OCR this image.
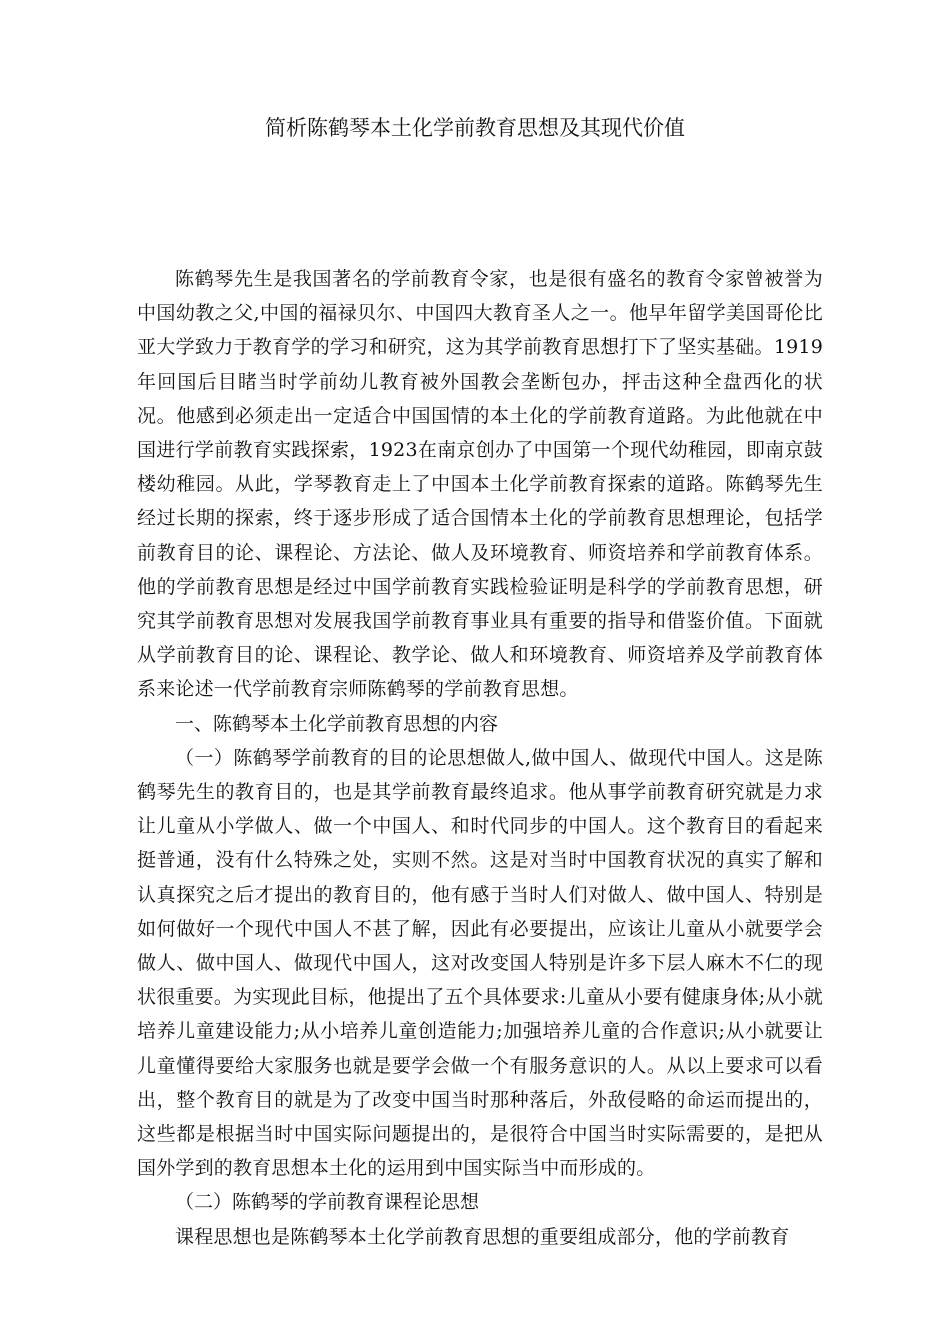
简析陈鹤琴本土化学前教育思想及其现代价值

陈鹤琴先生是我国著名的学前教育令家，也是很有盛名的教育令家曾被誉为中国幼教之父,中国的福禄贝尔、中国四大教育圣人之一。他早年留学美国哥伦比亚大学致力于教育学的学习和研究，这为其学前教育思想打下了坚实基础。1919年回国后目睹当时学前幼儿教育被外国教会垄断包办，抨击这种全盘西化的状况。他感到必须走出一定适合中国国情的本土化的学前教育道路。为此他就在中国进行学前教育实践探索，1923在南京创办了中国第一个现代幼稚园，即南京鼓楼幼稚园。从此，学琴教育走上了中国本土化学前教育探索的道路。陈鹤琴先生经过长期的探索，终于逐步形成了适合国情本土化的学前教育思想理论，包括学前教育目的论、课程论、方法论、做人及环境教育、师资培养和学前教育体系。他的学前教育思想是经过中国学前教育实践检验证明是科学的学前教育思想，研究其学前教育思想对发展我国学前教育事业具有重要的指导和借鉴价值。下面就从学前教育目的论、课程论、教学论、做人和环境教育、师资培养及学前教育体系来论述一代学前教育宗师陈鹤琴的学前教育思想。

一、陈鹤琴本土化学前教育思想的内容

（一）陈鹤琴学前教育的目的论思想做人,做中国人、做现代中国人。这是陈鹤琴先生的教育目的，也是其学前教育最终追求。他从事学前教育研究就是力求让儿童从小学做人、做一个中国人、和时代同步的中国人。这个教育目的看起来挺普通，没有什么特殊之处，实则不然。这是对当时中国教育状况的真实了解和认真探究之后才提出的教育目的，他有感于当时人们对做人、做中国人、特别是如何做好一个现代中国人不甚了解，因此有必要提出，应该让儿童从小就要学会做人、做中国人、做现代中国人，这对改变国人特别是许多下层人麻木不仁的现状很重要。为实现此目标，他提出了五个具体要求:儿童从小要有健康身体;从小就培养儿童建设能力;从小培养儿童创造能力;加强培养儿童的合作意识;从小就要让儿童懂得要给大家服务也就是要学会做一个有服务意识的人。从以上要求可以看出，整个教育目的就是为了改变中国当时那种落后，外敌侵略的命运而提出的，这些都是根据当时中国实际问题提出的，是很符合中国当时实际需要的，是把从国外学到的教育思想本土化的运用到中国实际当中而形成的。

（二）陈鹤琴的学前教育课程论思想

课程思想也是陈鹤琴本土化学前教育思想的重要组成部分，他的学前教育
